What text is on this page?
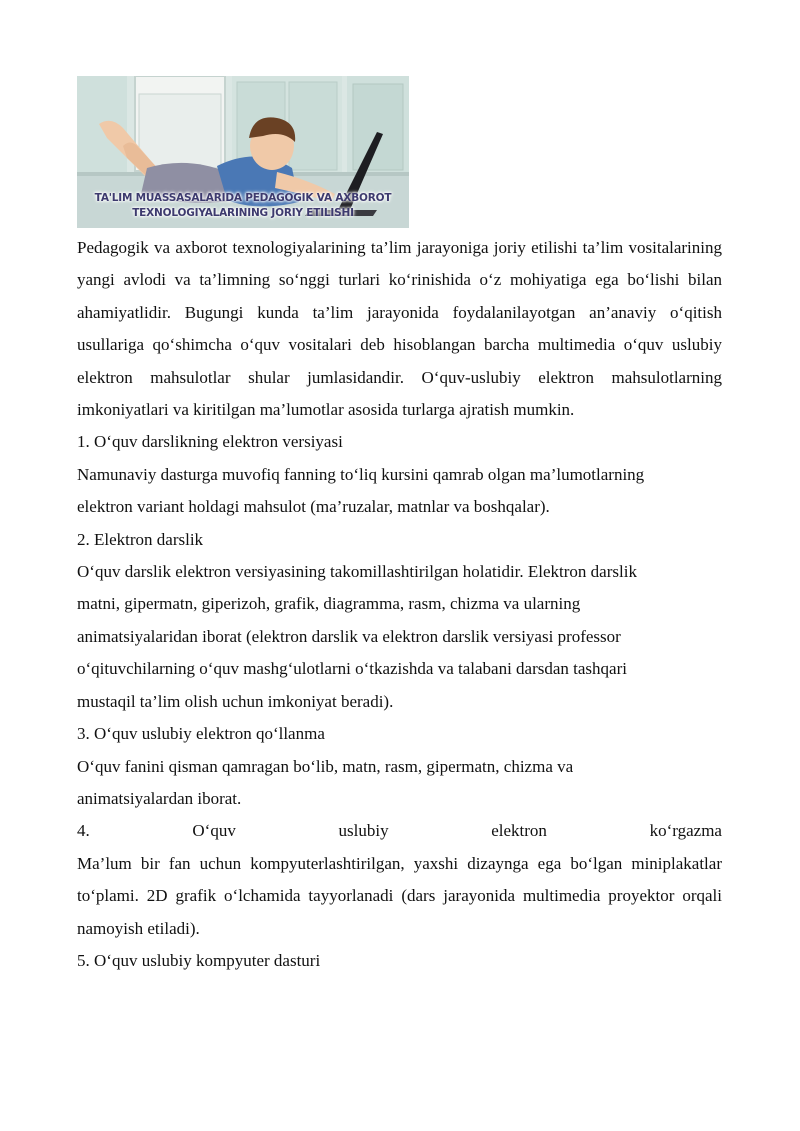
TA'LIM MUASSASALARIDA PEDAGOGIK VA AXBOROT
TEXNOLOGIYALARINING JORIY ETILISHI

Pedagogik va axborot texnologiyalarining ta’lim jarayoniga joriy etilishi ta’lim vositalarining yangi avlodi va ta’limning so‘nggi turlari ko‘rinishida o‘z mohiyatiga ega bo‘lishi bilan ahamiyatlidir. Bugungi kunda ta’lim jarayonida foydalanilayotgan an’anaviy o‘qitish usullariga qo‘shimcha o‘quv vositalari deb hisoblangan barcha multimedia o‘quv uslubiy elektron mahsulotlar shular jumlasidandir. O‘quv-uslubiy elektron mahsulotlarning imkoniyatlari va kiritilgan ma’lumotlar asosida turlarga ajratish mumkin.

1. O‘quv darslikning elektron versiyasi

Namunaviy dasturga muvofiq fanning to‘liq kursini qamrab olgan ma’lumotlarning

elektron variant holdagi mahsulot (ma’ruzalar, matnlar va boshqalar).

2. Elektron darslik

O‘quv darslik elektron versiyasining takomillashtirilgan holatidir. Elektron darslik

matni, gipermatn, giperizoh, grafik, diagramma, rasm, chizma va ularning

animatsiyalaridan iborat (elektron darslik va elektron darslik versiyasi professor

o‘qituvchilarning o‘quv mashg‘ulotlarni o‘tkazishda va talabani darsdan tashqari

mustaqil ta’lim olish uchun imkoniyat beradi).

3. O‘quv uslubiy elektron qo‘llanma

O‘quv fanini qisman qamragan bo‘lib, matn, rasm, gipermatn, chizma va

animatsiyalardan iborat.

4.	O‘quv	uslubiy	elektron	ko‘rgazma

Ma’lum bir fan uchun kompyuterlashtirilgan, yaxshi dizaynga ega bo‘lgan miniplakatlar to‘plami. 2D grafik o‘lchamida tayyorlanadi (dars jarayonida multimedia proyektor orqali namoyish etiladi).

5. O‘quv uslubiy kompyuter dasturi
